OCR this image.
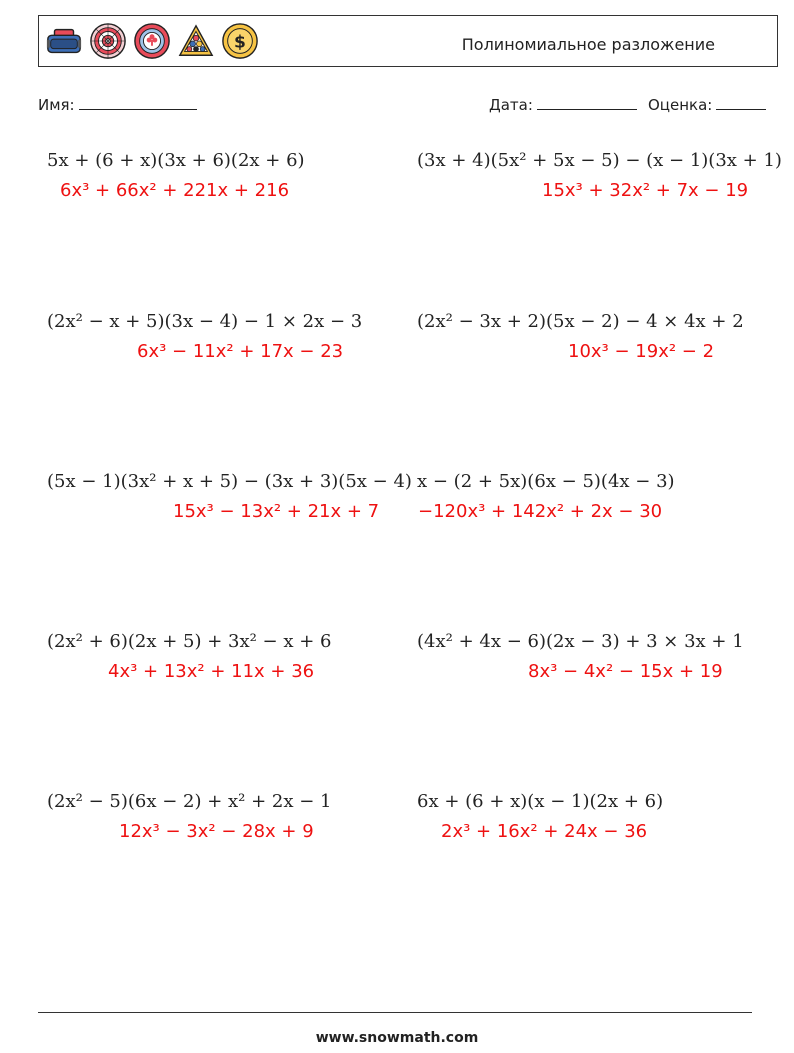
$	Полиномиальное разложение
Имя:	Дата:	Оценка:
5x + (6 + x)(3x + 6)(2x + 6)
6x³ + 66x² + 221x + 216
(3x + 4)(5x² + 5x − 5) − (x − 1)(3x + 1)
15x³ + 32x² + 7x − 19
(2x² − x + 5)(3x − 4) − 1 × 2x − 3
6x³ − 11x² + 17x − 23
(2x² − 3x + 2)(5x − 2) − 4 × 4x + 2
10x³ − 19x² − 2
(5x − 1)(3x² + x + 5) − (3x + 3)(5x − 4)
15x³ − 13x² + 21x + 7
x − (2 + 5x)(6x − 5)(4x − 3)
−120x³ + 142x² + 2x − 30
(2x² + 6)(2x + 5) + 3x² − x + 6
4x³ + 13x² + 11x + 36
(4x² + 4x − 6)(2x − 3) + 3 × 3x + 1
8x³ − 4x² − 15x + 19
(2x² − 5)(6x − 2) + x² + 2x − 1
12x³ − 3x² − 28x + 9
6x + (6 + x)(x − 1)(2x + 6)
2x³ + 16x² + 24x − 36
www.snowmath.com
